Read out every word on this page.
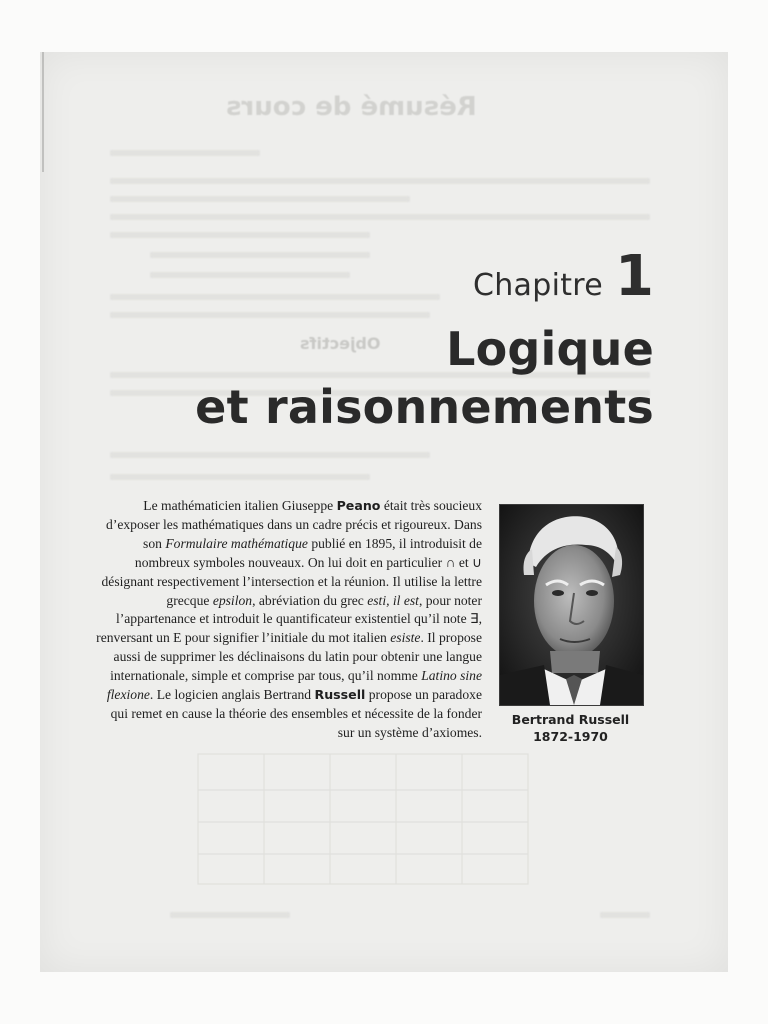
Résumé de cours
Objectifs
Chapitre 1
Logique
et raisonnements
Le mathématicien italien Giuseppe Peano était très soucieux d’exposer les mathématiques dans un cadre précis et rigoureux. Dans son Formulaire mathématique publié en 1895, il introduisit de nombreux symboles nouveaux. On lui doit en particulier ∩ et ∪ désignant respectivement l’intersection et la réunion. Il utilise la lettre grecque epsilon, abréviation du grec esti, il est, pour noter l’appartenance et introduit le quantificateur existentiel qu’il note ∃, renversant un E pour signifier l’initiale du mot italien esiste. Il propose aussi de supprimer les déclinaisons du latin pour obtenir une langue internationale, simple et comprise par tous, qu’il nomme Latino sine flexione. Le logicien anglais Bertrand Russell propose un paradoxe qui remet en cause la théorie des ensembles et nécessite de la fonder sur un système d’axiomes.
Bertrand Russell
1872-1970
